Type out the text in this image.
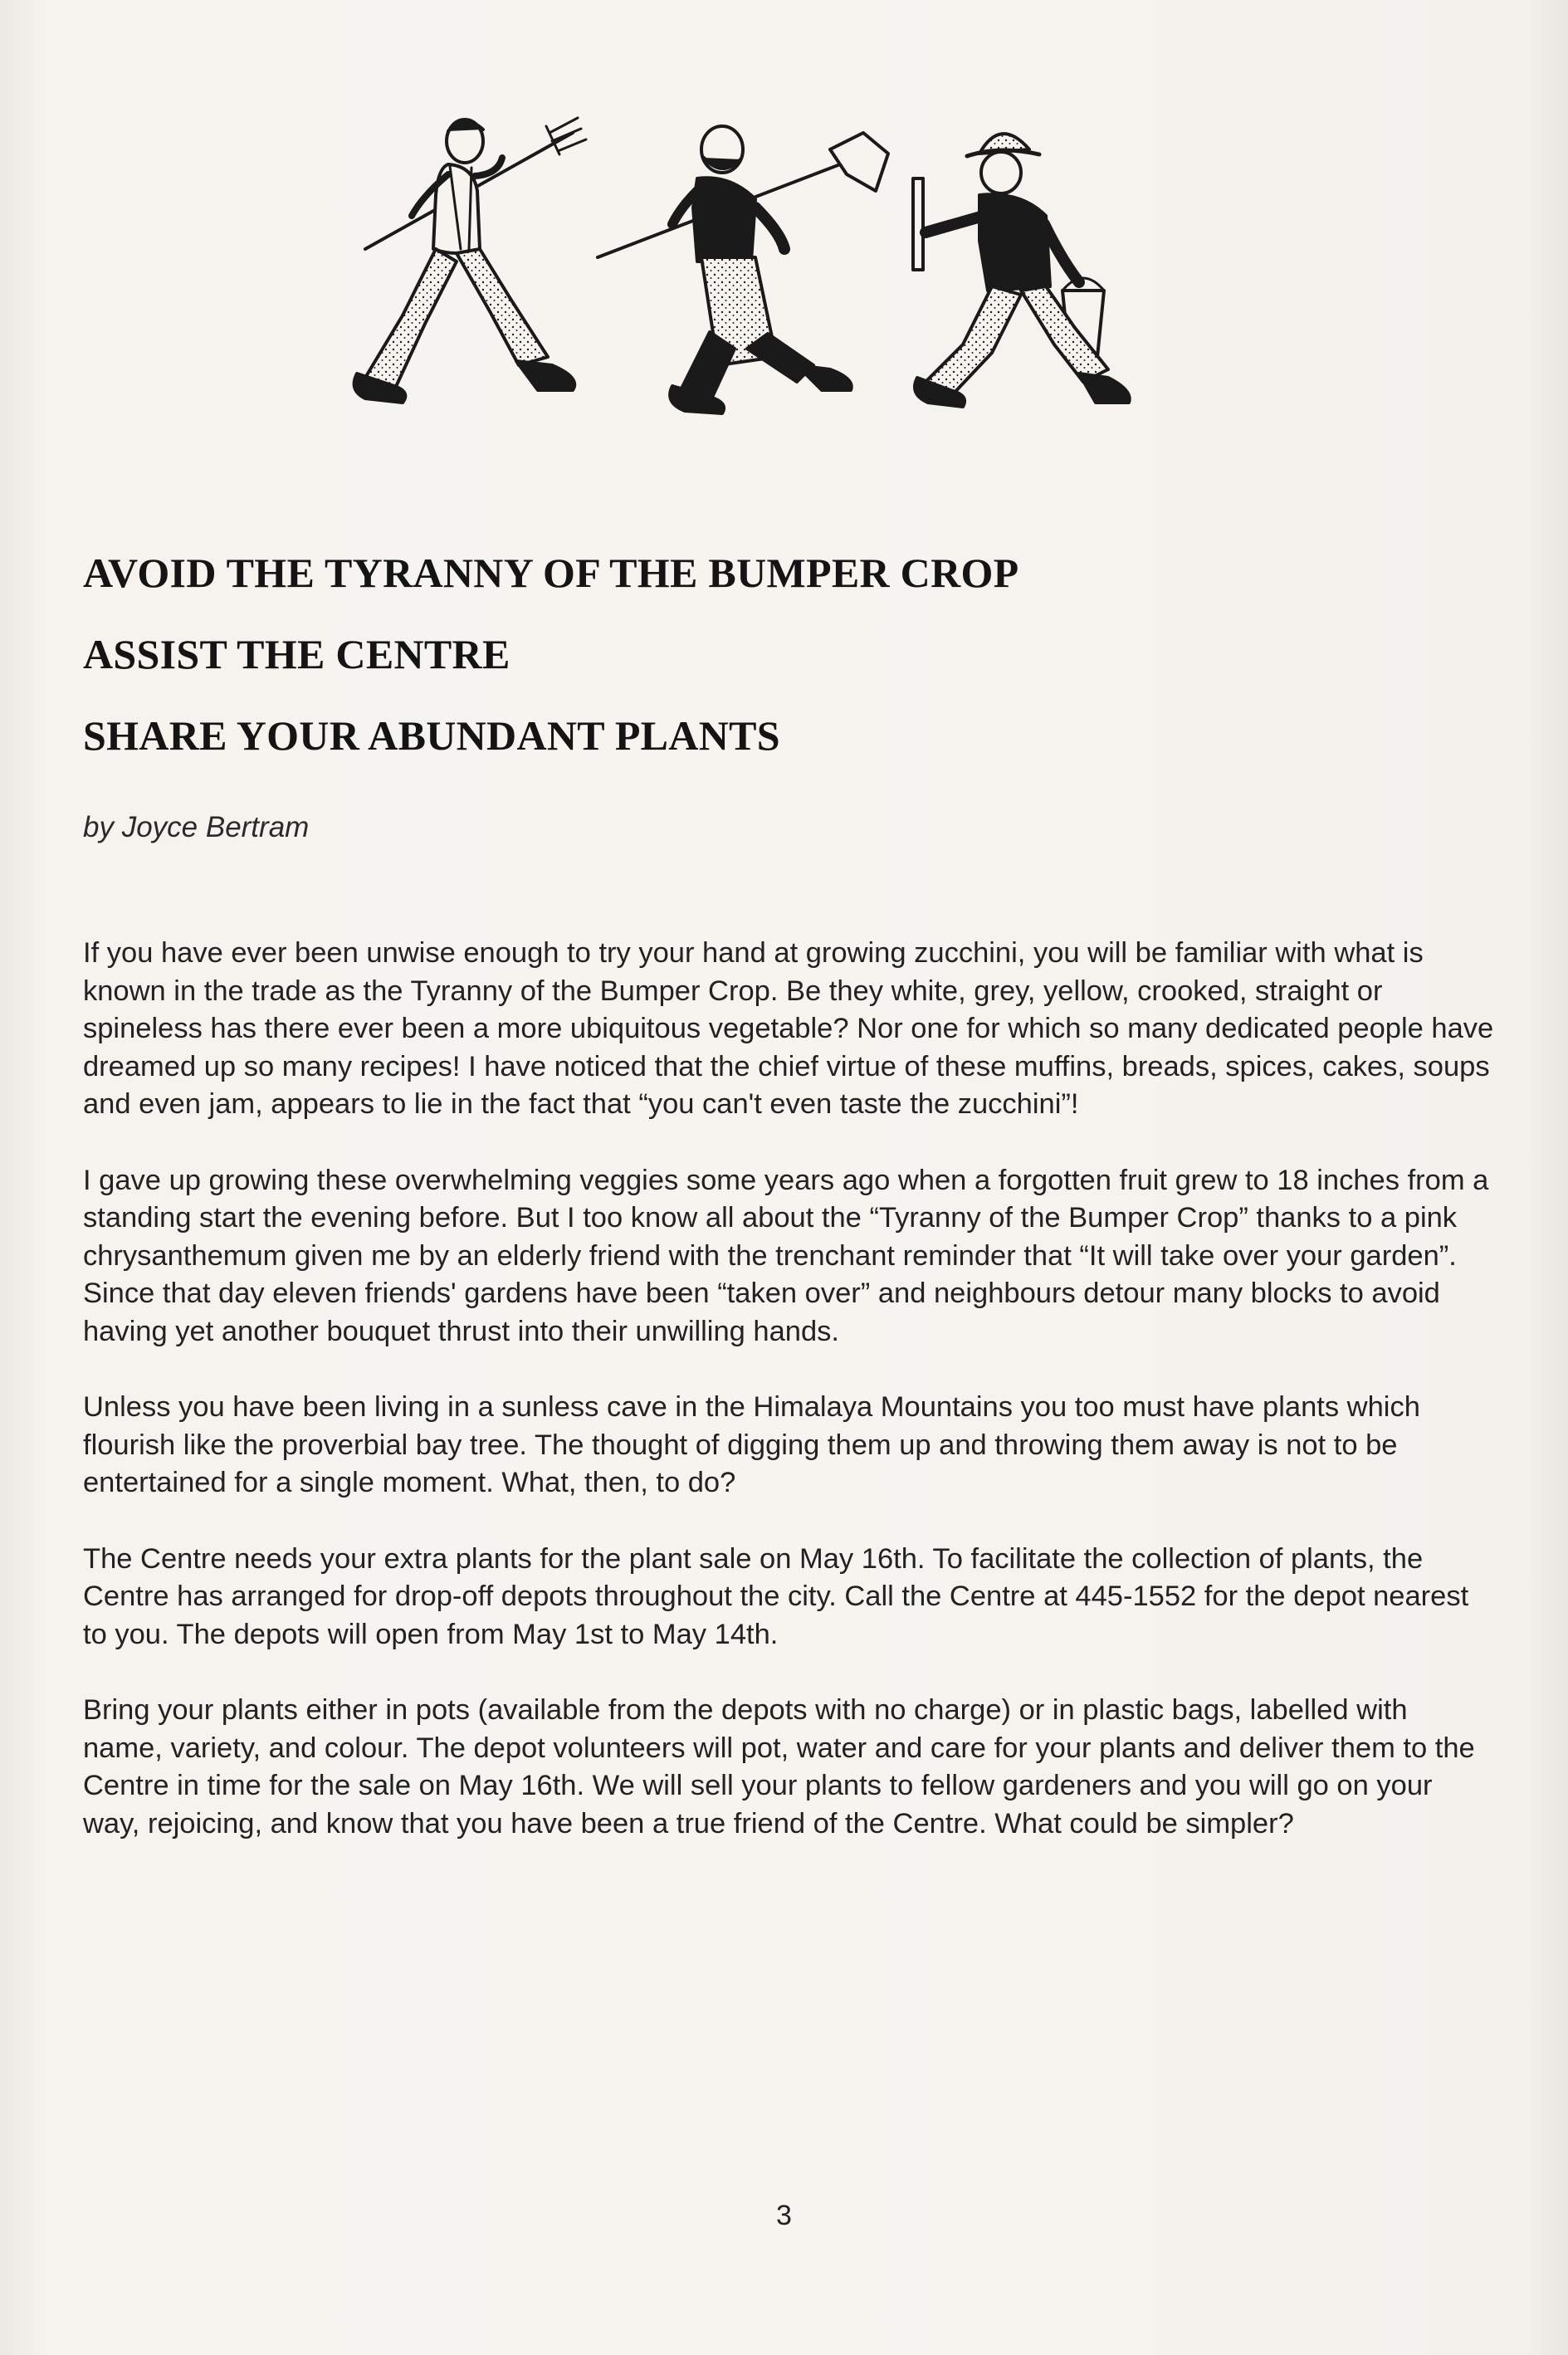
AVOID THE TYRANNY OF THE BUMPER CROP
ASSIST THE CENTRE
SHARE YOUR ABUNDANT PLANTS
by Joyce Bertram

If you have ever been unwise enough to try your hand at growing zucchini, you will be familiar with what is known in the trade as the Tyranny of the Bumper Crop. Be they white, grey, yellow, crooked, straight or spineless has there ever been a more ubiquitous vegetable? Nor one for which so many dedicated people have dreamed up so many recipes! I have noticed that the chief virtue of these muffins, breads, spices, cakes, soups and even jam, appears to lie in the fact that “you can't even taste the zucchini”!

I gave up growing these overwhelming veggies some years ago when a forgotten fruit grew to 18 inches from a standing start the evening before. But I too know all about the “Tyranny of the Bumper Crop” thanks to a pink chrysanthemum given me by an elderly friend with the trenchant reminder that “It will take over your garden”. Since that day eleven friends' gardens have been “taken over” and neighbours detour many blocks to avoid having yet another bouquet thrust into their unwilling hands.

Unless you have been living in a sunless cave in the Himalaya Mountains you too must have plants which flourish like the proverbial bay tree. The thought of digging them up and throwing them away is not to be entertained for a single moment. What, then, to do?

The Centre needs your extra plants for the plant sale on May 16th. To facilitate the collection of plants, the Centre has arranged for drop-off depots throughout the city. Call the Centre at 445-1552 for the depot nearest to you. The depots will open from May 1st to May 14th.

Bring your plants either in pots (available from the depots with no charge) or in plastic bags, labelled with name, variety, and colour. The depot volunteers will pot, water and care for your plants and deliver them to the Centre in time for the sale on May 16th. We will sell your plants to fellow gardeners and you will go on your way, rejoicing, and know that you have been a true friend of the Centre. What could be simpler?

3
